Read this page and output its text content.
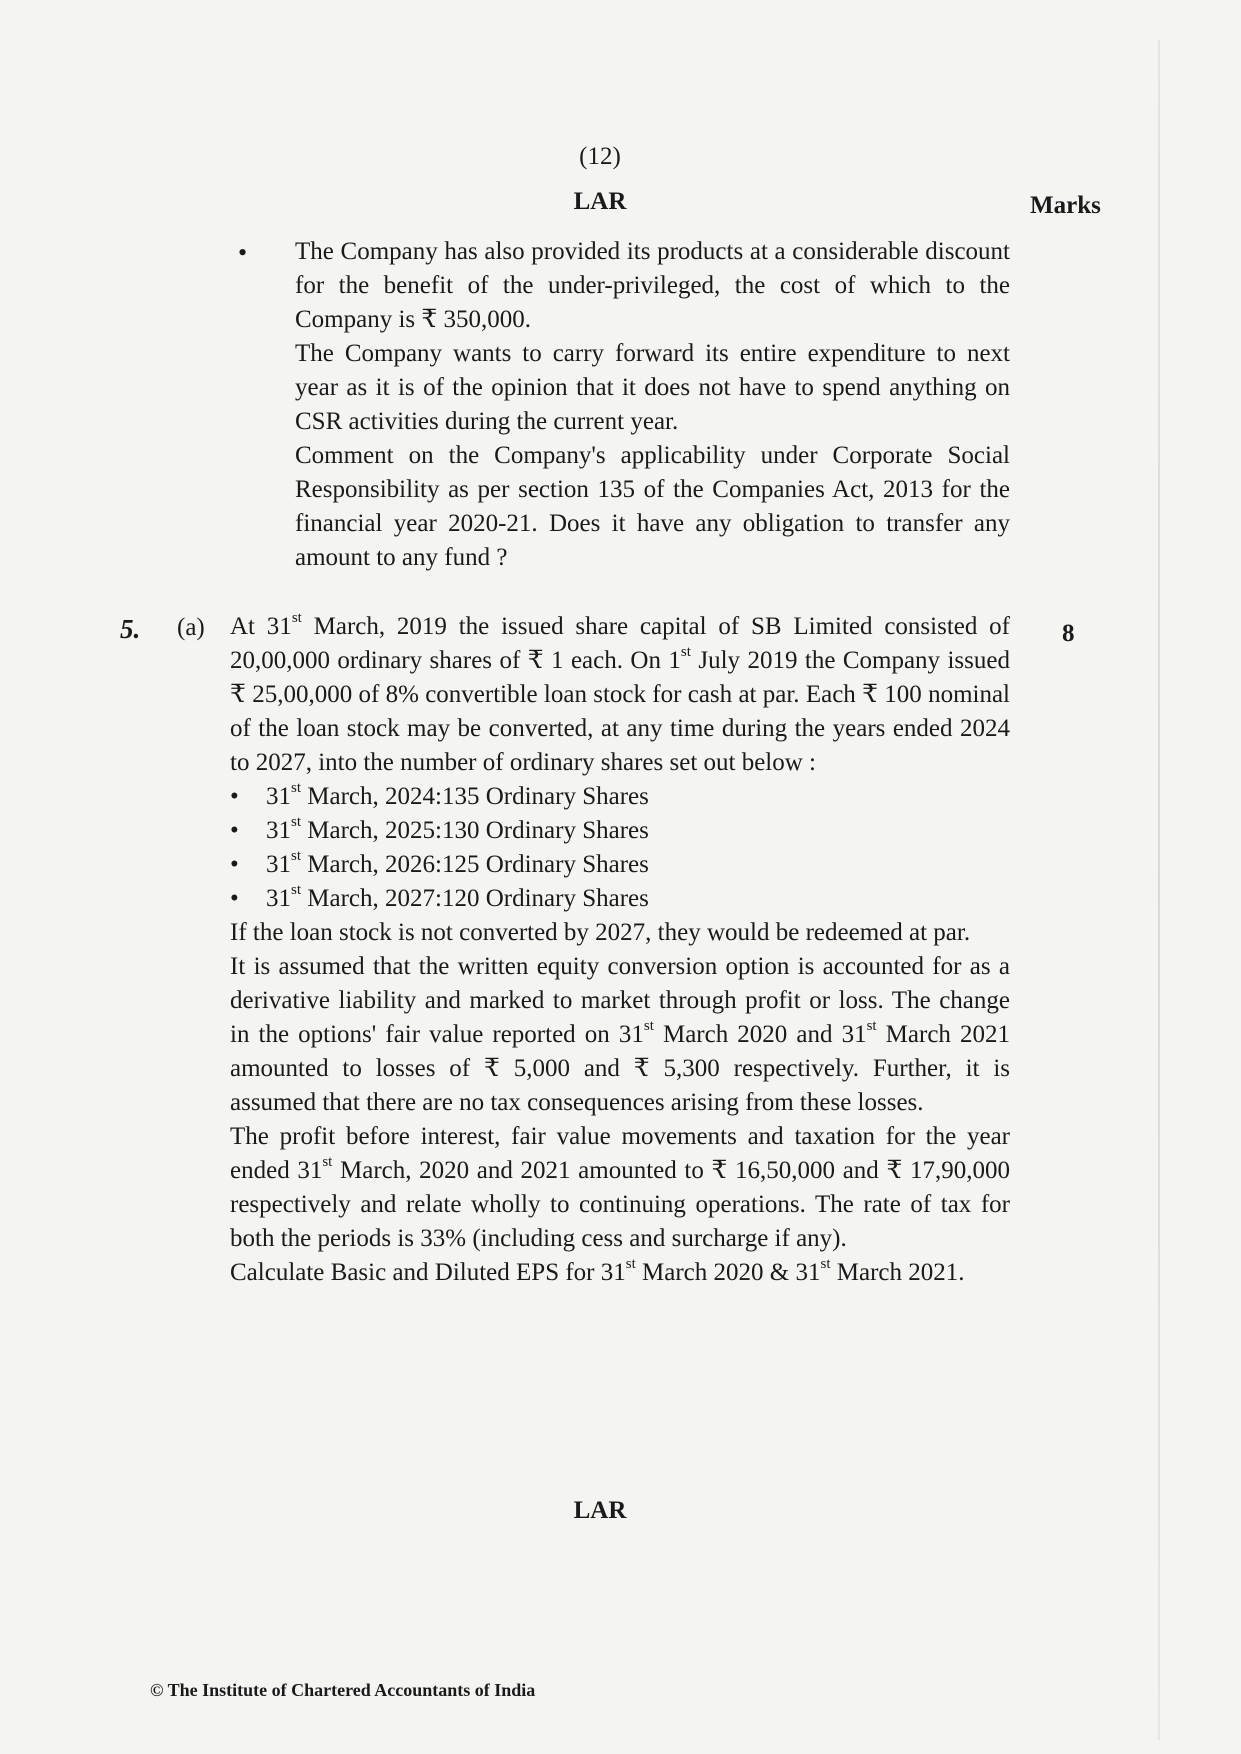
(12)
LAR	Marks
• The Company has also provided its products at a considerable discount for the benefit of the under-privileged, the cost of which to the Company is ₹ 350,000.
The Company wants to carry forward its entire expenditure to next year as it is of the opinion that it does not have to spend anything on CSR activities during the current year.
Comment on the Company's applicability under Corporate Social Responsibility as per section 135 of the Companies Act, 2013 for the financial year 2020-21. Does it have any obligation to transfer any amount to any fund ?
5. (a)	8
At 31st March, 2019 the issued share capital of SB Limited consisted of 20,00,000 ordinary shares of ₹ 1 each. On 1st July 2019 the Company issued ₹ 25,00,000 of 8% convertible loan stock for cash at par. Each ₹ 100 nominal of the loan stock may be converted, at any time during the years ended 2024 to 2027, into the number of ordinary shares set out below :
•	31st March, 2024:135 Ordinary Shares
•	31st March, 2025:130 Ordinary Shares
•	31st March, 2026:125 Ordinary Shares
•	31st March, 2027:120 Ordinary Shares
If the loan stock is not converted by 2027, they would be redeemed at par.
It is assumed that the written equity conversion option is accounted for as a derivative liability and marked to market through profit or loss. The change in the options' fair value reported on 31st March 2020 and 31st March 2021 amounted to losses of ₹ 5,000 and ₹ 5,300 respectively. Further, it is assumed that there are no tax consequences arising from these losses.
The profit before interest, fair value movements and taxation for the year ended 31st March, 2020 and 2021 amounted to ₹ 16,50,000 and ₹ 17,90,000 respectively and relate wholly to continuing operations. The rate of tax for both the periods is 33% (including cess and surcharge if any).
Calculate Basic and Diluted EPS for 31st March 2020 & 31st March 2021.
LAR
© The Institute of Chartered Accountants of India
